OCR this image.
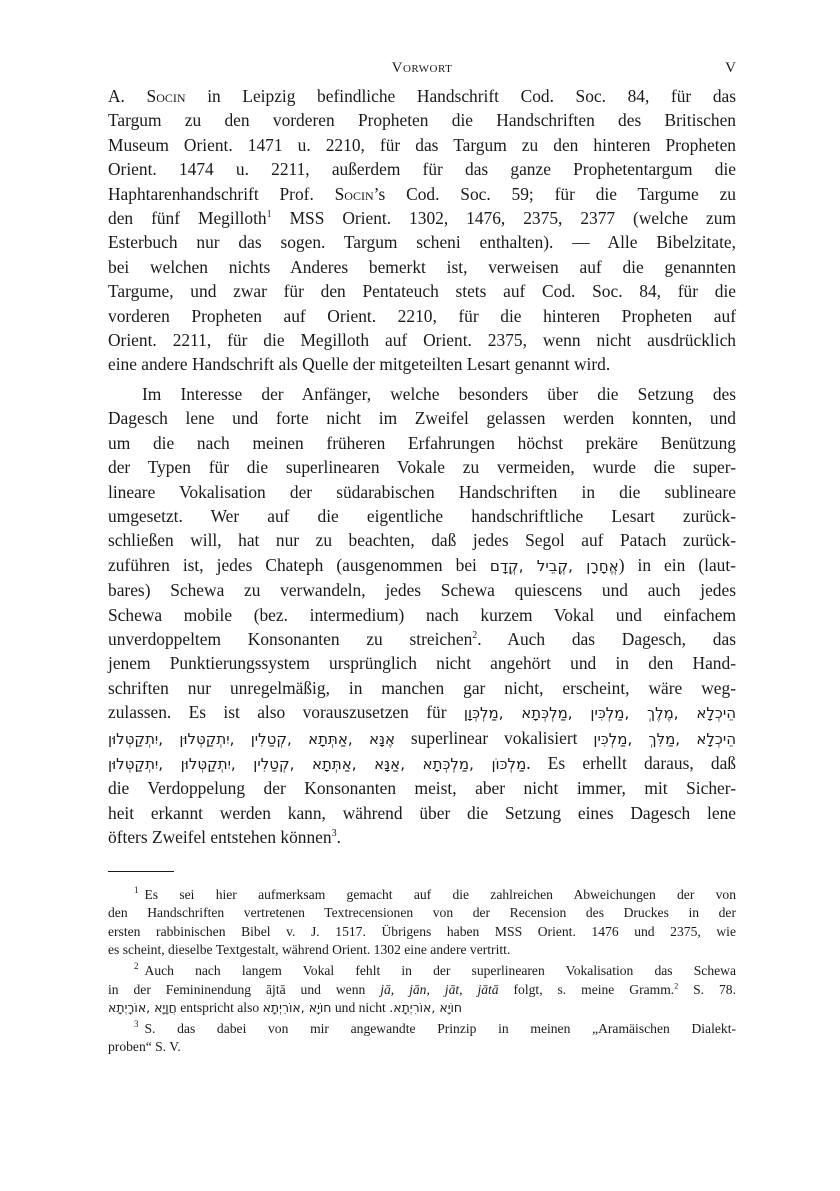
Vorwort	V

A. Socin in Leipzig befindliche Handschrift Cod. Soc. 84, für das
Targum zu den vorderen Propheten die Handschriften des Britischen
Museum Orient. 1471 u. 2210, für das Targum zu den hinteren Propheten
Orient. 1474 u. 2211, außerdem für das ganze Prophetentargum die
Haphtarenhandschrift Prof. Socin’s Cod. Soc. 59; für die Targume zu
den fünf Megilloth$^1$ MSS Orient. 1302, 1476, 2375, 2377 (welche zum
Esterbuch nur das sogen. Targum scheni enthalten). — Alle Bibelzitate,
bei welchen nichts Anderes bemerkt ist, verweisen auf die genannten
Targume, und zwar für den Pentateuch stets auf Cod. Soc. 84, für die
vorderen Propheten auf Orient. 2210, für die hinteren Propheten auf
Orient. 2211, für die Megilloth auf Orient. 2375, wenn nicht ausdrücklich
eine andere Handschrift als Quelle der mitgeteilten Lesart genannt wird.

Im Interesse der Anfänger, welche besonders über die Setzung des
Dagesch lene und forte nicht im Zweifel gelassen werden konnten, und
um die nach meinen früheren Erfahrungen höchst prekäre Benützung
der Typen für die superlinearen Vokale zu vermeiden, wurde die super-
lineare Vokalisation der südarabischen Handschriften in die sublineare
umgesetzt. Wer auf die eigentliche handschriftliche Lesart zurück-
schließen will, hat nur zu beachten, daß jedes Segol auf Patach zurück-
zuführen ist, jedes Chateph (ausgenommen bei אֱחָרָן ,קֱבֵיל ,קֱדָם) in ein (laut-
bares) Schewa zu verwandeln, jedes Schewa quiescens und auch jedes
Schewa mobile (bez. intermedium) nach kurzem Vokal und einfachem
unverdoppeltem Konsonanten zu streichen$^2$. Auch das Dagesch, das
jenem Punktierungssystem ursprünglich nicht angehört und in den Hand-
schriften nur unregelmäßig, in manchen gar nicht, erscheint, wäre weg-
zulassen. Es ist also vorauszusetzen für הֵיכְלָא ,מֶלֶךְ ,מַלְכִּין ,מַלְכְּתָא ,מַלְכְּוָן
אֶנָּא ,אַתְּתָא ,קְטַלִין ,יִתְקַטְּלוּן ,יִתְקַטְּלוּן superlinear vokalisiert הֵיכְלָא ,מַלִּךְ ,מַלְכִּין
מַלְכּוֹן ,מַלְכְּתָא ,אַנָּא ,אַתְּתָא ,קְטַלִין ,יִתְקַטְּלוּן ,יִתְקַטְּלוּן. Es erhellt daraus, daß
die Verdoppelung der Konsonanten meist, aber nicht immer, mit Sicher-
heit erkannt werden kann, während über die Setzung eines Dagesch lene
öfters Zweifel entstehen können$^3$.

$^1$ Es sei hier aufmerksam gemacht auf die zahlreichen Abweichungen der von
den Handschriften vertretenen Textrecensionen von der Recension des Druckes in der
ersten rabbinischen Bibel v. J. 1517. Übrigens haben MSS Orient. 1476 und 2375, wie
es scheint, dieselbe Textgestalt, während Orient. 1302 eine andere vertritt.

$^2$ Auch nach langem Vokal fehlt in der superlinearen Vokalisation das Schewa
in der Femininendung ājtā und wenn jā, jān, jāt, jātā folgt, s. meine Gramm.$^2$ S. 78.
חֲוָיָא ,אוֹרָיְתָא entspricht also חוֹיָא ,אוֹרִיְתָא und nicht חוֹיָא ,אוֹרִיְתָא.

$^3$ S. das dabei von mir angewandte Prinzip in meinen „Aramäischen Dialekt-
proben“ S. V.
